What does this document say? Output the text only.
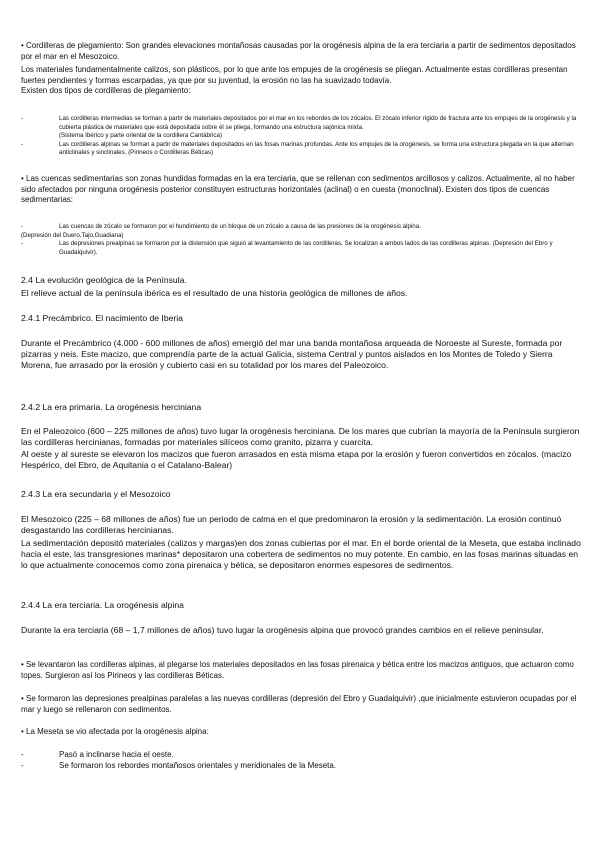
• Cordilleras de plegamiento: Son grandes elevaciones montañosas causadas por la orogénesis alpina de la era terciaria a partir de sedimentos depositados por el mar en el Mesozoico.

Los materiales fundamentalmente calizos, son plásticos, por lo que ante los empujes de la orogénesis se pliegan. Actualmente estas cordilleras presentan fuertes pendientes y formas escarpadas, ya que por su juventud, la erosión no las ha suavizado todavía.

Existen dos tipos de cordilleras de plegamiento:

-	Las cordilleras intermedias se forman a partir de materiales depositados por el mar en los rebordes de los zócalos. El zócalo inferior rígido de fractura ante los empujes de la orogénesis y la cubierta plástica de materiales que está depositada sobre él se pliega, formando una estructura sajónica mixta.
(Sistema Ibérico y parte oriental de la cordillera Cantábrica)
-	Las cordilleras alpinas se forman a partir de materiales depositados en las fosas marinas profundas. Ante los empujes de la orogénesis, se forma una estructura plegada en la que alternan anticlinales y sinclinales. (Pirineos o Cordilleras Béticas)

• Las cuencas sedimentarias son zonas hundidas formadas en la era terciaria, que se rellenan con sedimentos arcillosos y calizos. Actualmente, al no haber sido afectados por ninguna orogénesis posterior constituyen estructuras horizontales (aclinal) o en cuesta (monoclinal). Existen dos tipos de cuencas sedimentarias:

-	Las cuencas de zócalo se formaron por el hundimiento de un bloque de un zócalo a causa de las presiones de la orogénesis alpina.
(Depresión del Duero,Tajo,Guadiana)
-	Las depresiones prealpinas se formaron por la distensión que siguió al levantamiento de las cordilleras. Se localizan a ambos lados de las cordilleras alpinas. (Depresión del Ebro y Guadalquivir).

2.4 La evolución geológica de la Península.

El relieve actual de la península ibérica es el resultado de una historia geológica de millones de años.

2.4.1 Precámbrico. El nacimiento de Iberia

Durante el Precámbrico (4.000 - 600 millones de años) emergió del mar una banda montañosa arqueada de Noroeste al Sureste, formada por pizarras y neis. Este macizo, que comprendía parte de la actual Galicia, sistema Central y puntos aislados en los Montes de Toledo y Sierra Morena, fue arrasado por la erosión y cubierto casi en su totalidad por los mares del Paleozoico.

2.4.2 La era primaria. La orogénesis herciniana

En el Paleozoico (600 – 225 millones de años) tuvo lugar la orogénesis herciniana. De los mares que cubrían la mayoría de la Península surgieron las cordilleras hercinianas, formadas por materiales silíceos como granito, pizarra y cuarcita.

Al oeste y al sureste se elevaron los macizos que fueron arrasados en esta misma etapa por la erosión y fueron convertidos en zócalos. (macizo Hespérico, del Ebro, de Aquitania o el Catalano-Balear)

2.4.3 La era secundaria y el Mesozoico

El Mesozoico (225 – 68 millones de años) fue un periodo de calma en el que predominaron la erosión y la sedimentación. La erosión continuó desgastando las cordilleras hercinianas.

La sedimentación depositó materiales (calizos y margas)en dos zonas cubiertas por el mar. En el borde oriental de la Meseta, que estaba inclinado hacia el este, las transgresiones marinas* depositaron una cobertera de sedimentos no muy potente. En cambio, en las fosas marinas situadas en lo que actualmente conocemos como zona pirenaica y bética, se depositaron enormes espesores de sedimentos.

2.4.4 La era terciaria. La orogénesis alpina

Durante la era terciaria (68 – 1,7 millones de años) tuvo lugar la orogénesis alpina que provocó grandes cambios en el relieve peninsular.

• Se levantaron las cordilleras alpinas, al plegarse los materiales depositados en las fosas pirenaica y bética entre los macizos antiguos, que actuaron como topes. Surgieron así los Pirineos y las cordilleras Béticas.

• Se formaron las depresiones prealpinas paralelas a las nuevas cordilleras (depresión del Ebro y Guadalquivir) ,que inicialmente estuvieron ocupadas por el mar y luego se rellenaron con sedimentos.

• La Meseta se vio afectada por la orogénesis alpina:

-	Pasó a inclinarse hacia el oeste.
-	Se formaron los rebordes montañosos orientales y meridionales de la Meseta.
